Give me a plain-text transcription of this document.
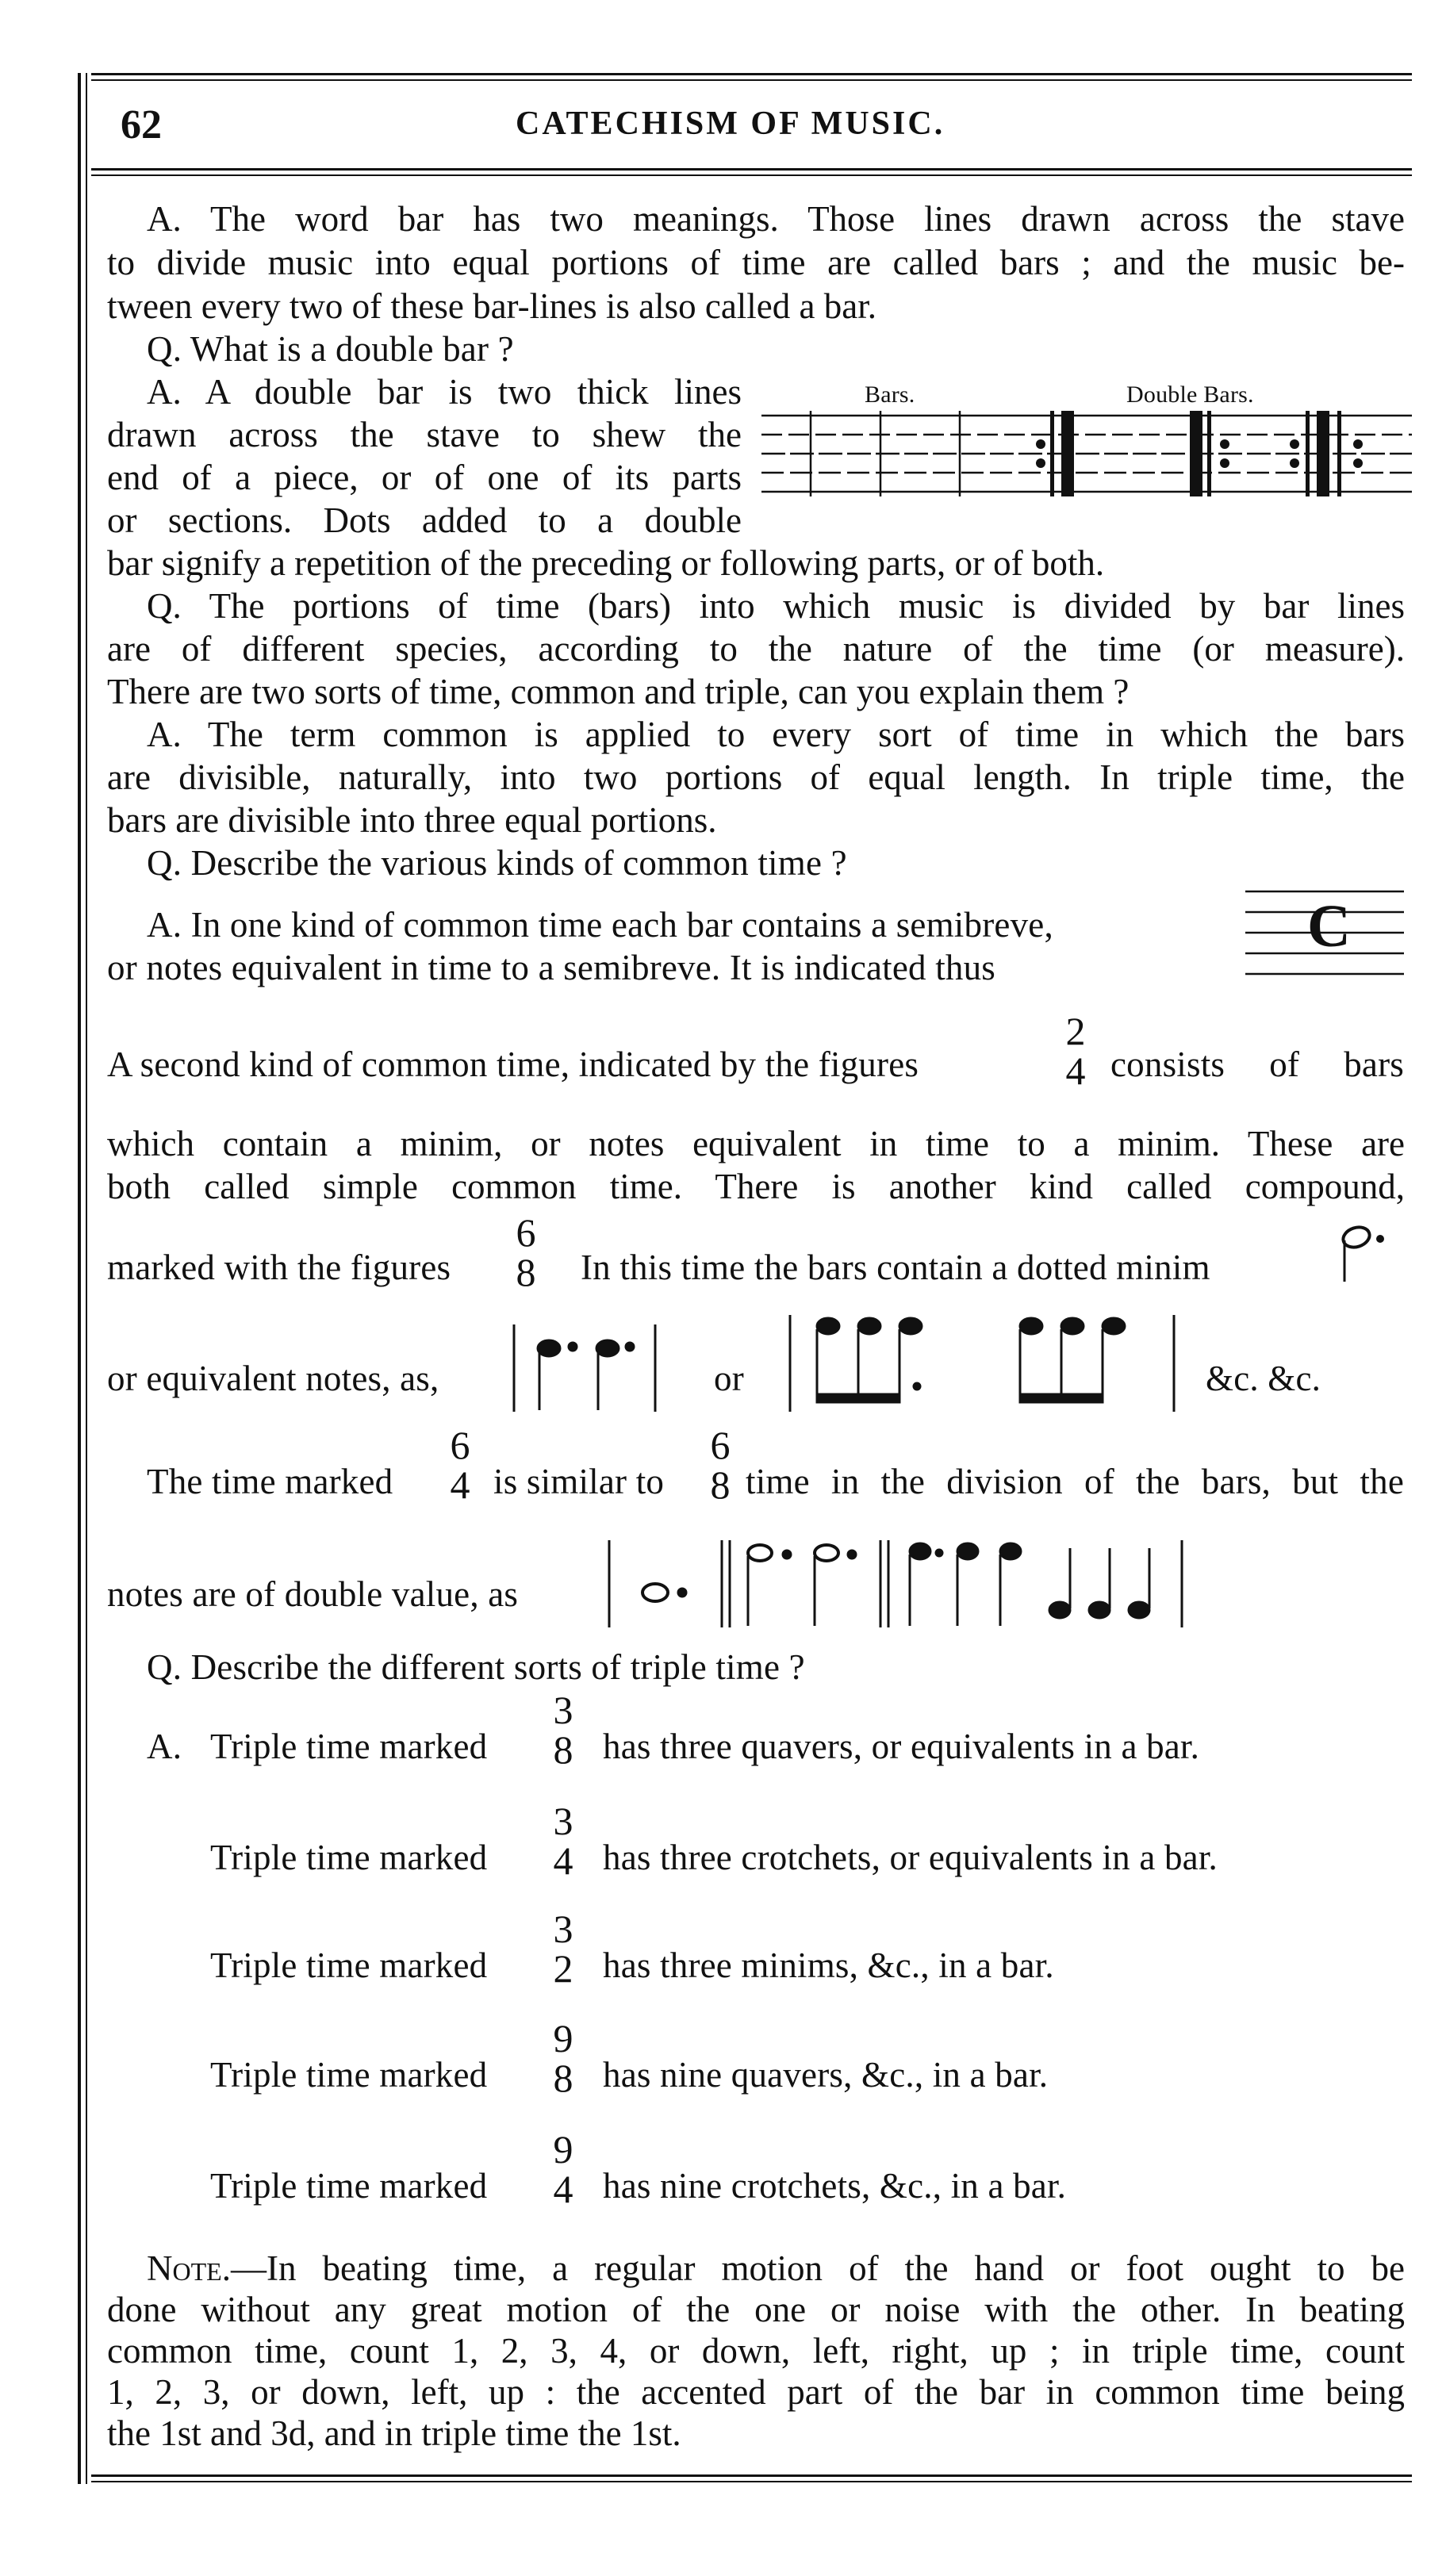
62	CATECHISM OF MUSIC.
A. The word bar has two meanings. Those lines drawn across the stave
to divide music into equal portions of time are called bars ; and the music be-
tween every two of these bar-lines is also called a bar.
Q. What is a double bar ?
A. A double bar is two thick lines
drawn across the stave to shew the
end of a piece, or of one of its parts
or sections. Dots added to a double
bar signify a repetition of the preceding or following parts, or of both.
Bars.	Double Bars.
Q. The portions of time (bars) into which music is divided by bar lines
are of different species, according to the nature of the time (or measure).
There are two sorts of time, common and triple, can you explain them ?
A. The term common is applied to every sort of time in which the bars
are divisible, naturally, into two portions of equal length. In triple time, the
bars are divisible into three equal portions.
Q. Describe the various kinds of common time ?
A. In one kind of common time each bar contains a semibreve,
or notes equivalent in time to a semibreve. It is indicated thus
C
A second kind of common time, indicated by the figures
2
4 consists of bars
which contain a minim, or notes equivalent in time to a minim. These are
both called simple common time. There is another kind called compound,
marked with the figures
6
8 In this time the bars contain a dotted minim
or equivalent notes, as,	or	&c. &c.
The time marked
6
4 is similar to
6
8 time in the division of the bars, but the
notes are of double value, as
Q. Describe the different sorts of triple time ?
A. Triple time marked
3
8 has three quavers, or equivalents in a bar.
Triple time marked
3
4 has three crotchets, or equivalents in a bar.
Triple time marked
3
2 has three minims, &c., in a bar.
Triple time marked
9
8 has nine quavers, &c., in a bar.
Triple time marked
9
4 has nine crotchets, &c., in a bar.
Note.—In beating time, a regular motion of the hand or foot ought to be
done without any great motion of the one or noise with the other. In beating
common time, count 1, 2, 3, 4, or down, left, right, up ; in triple time, count
1, 2, 3, or down, left, up : the accented part of the bar in common time being
the 1st and 3d, and in triple time the 1st.
